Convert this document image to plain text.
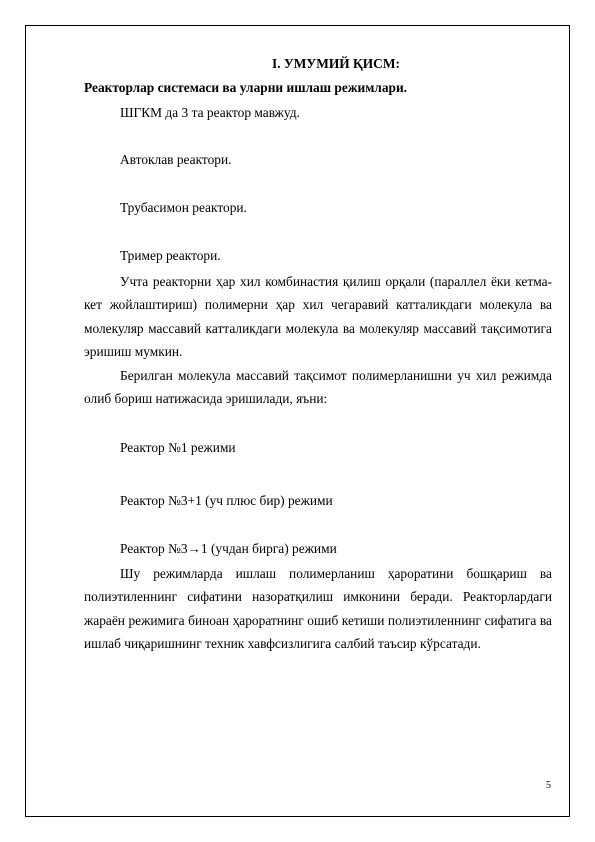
I. УМУМИЙ ҚИСМ:
Реакторлар системаси ва уларни ишлаш режимлари.
ШГКМ да 3 та реактор мавжуд.
Автоклав реактори.
Трубасимон реактори.
Тример реактори.
Учта реакторни ҳар хил комбинастия қилиш орқали (параллел ёки кетма-кет жойлаштириш) полимерни ҳар хил чегаравий катталикдаги молекула ва молекуляр массавий катталикдаги молекула ва молекуляр массавий тақсимотига эришиш мумкин.
Берилган молекула массавий тақсимот полимерланишни уч хил режимда олиб бориш натижасида эришилади, яъни:
Реактор №1 режими
Реактор №3+1 (уч плюс бир) режими
Реактор №3→1 (учдан бирга) режими
Шу режимларда ишлаш полимерланиш ҳароратини бошқариш ва полиэтиленнинг сифатини назоратқилиш имконини беради. Реакторлардаги жараён режимига биноан ҳароратнинг ошиб кетиши полиэтиленнинг сифатига ва ишлаб чиқаришнинг техник хавфсизлигига салбий таъсир кўрсатади.
5
